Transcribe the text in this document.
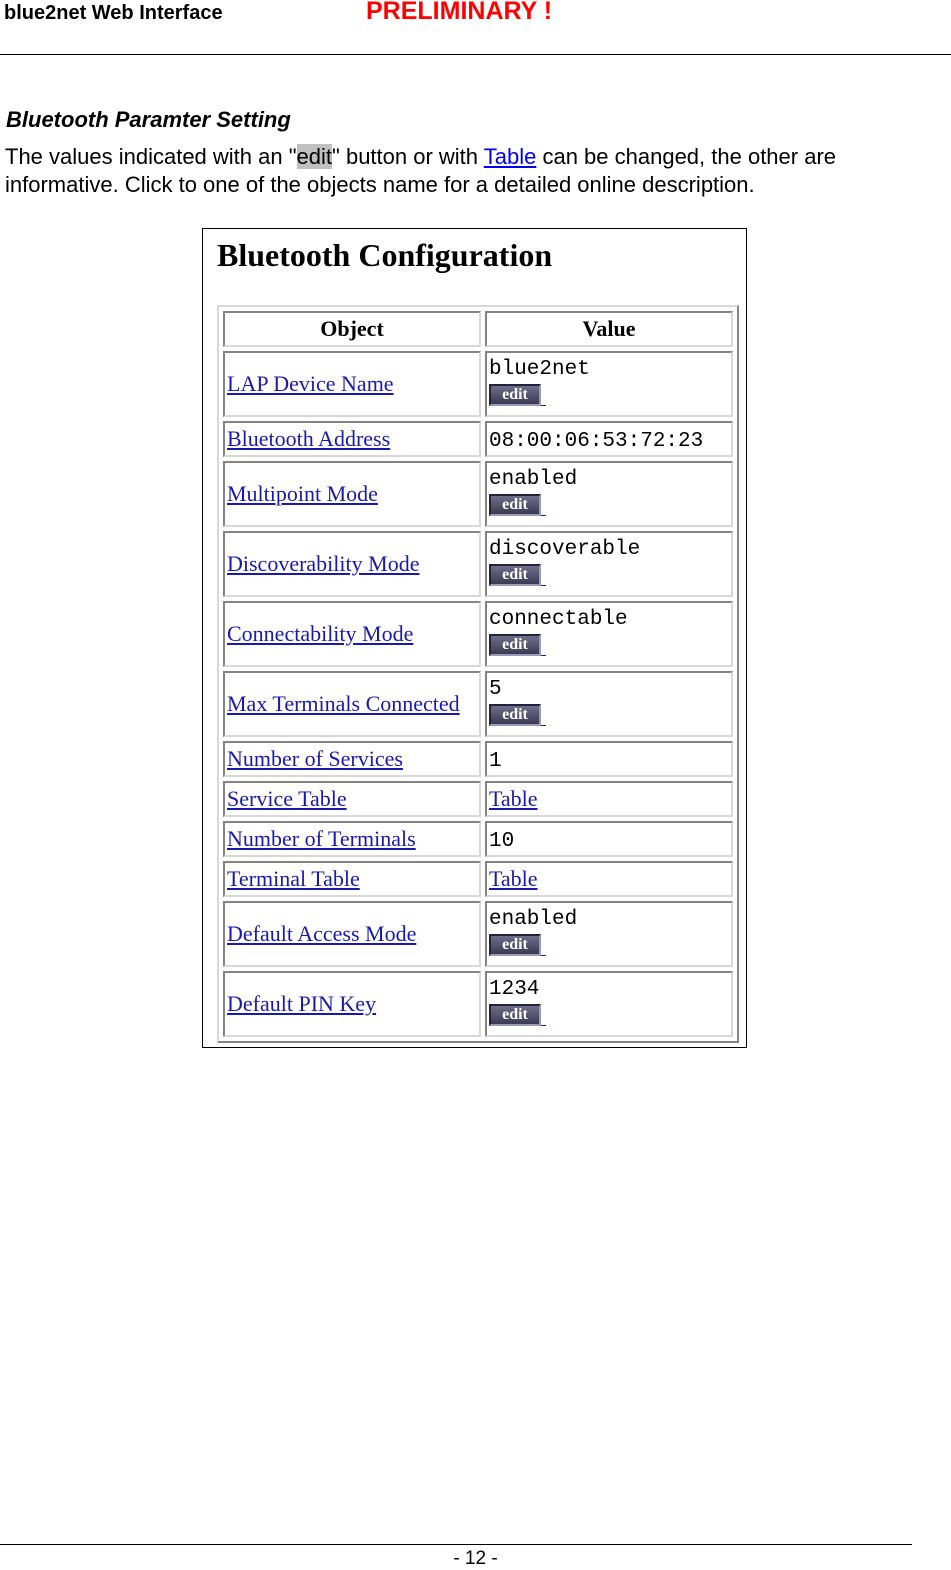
blue2net Web Interface	PRELIMINARY !
Bluetooth Paramter Setting
The values indicated with an "edit" button or with Table can be changed, the other are informative. Click to one of the objects name for a detailed online description.
Bluetooth Configuration
Object	Value
LAP Device Name	blue2net
edit

Bluetooth Address	08:00:06:53:72:23
Multipoint Mode	enabled
edit

Discoverability Mode	discoverable
edit

Connectability Mode	connectable
edit

Max Terminals Connected	5
edit

Number of Services	1
Service Table	Table
Number of Terminals	10
Terminal Table	Table
Default Access Mode	enabled
edit

Default PIN Key	1234
edit
- 12 -
